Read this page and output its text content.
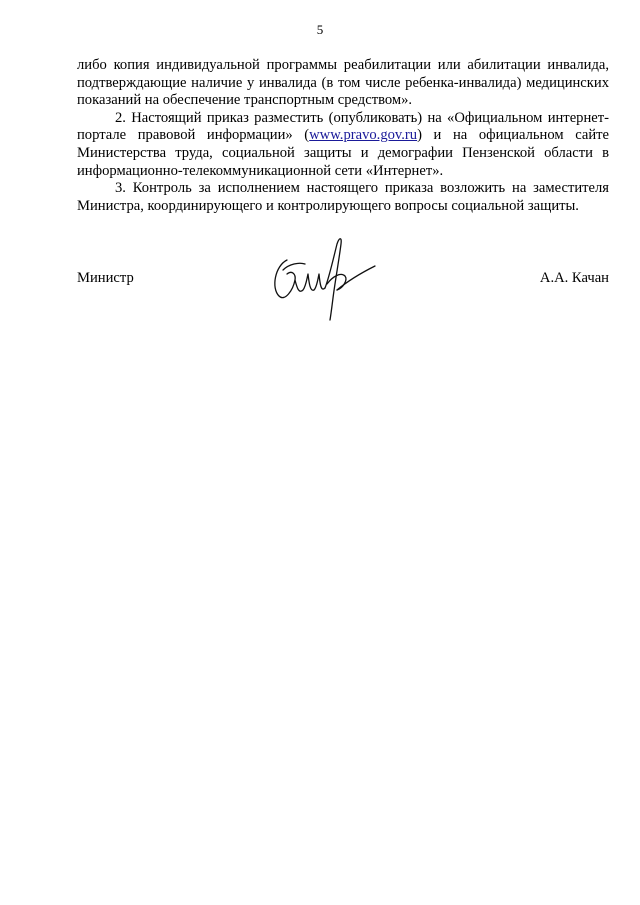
5

либо копия индивидуальной программы реабилитации или абилитации инвалида, подтверждающие наличие у инвалида (в том числе ребенка-инвалида) медицинских показаний на обеспечение транспортным средством».

2. Настоящий приказ разместить (опубликовать) на «Официальном интернет-портале правовой информации» (www.pravo.gov.ru) и на официальном сайте Министерства труда, социальной защиты и демографии Пензенской области в информационно-телекоммуникационной сети «Интернет».

3. Контроль за исполнением настоящего приказа возложить на заместителя Министра, координирующего и контролирующего вопросы социальной защиты.

Министр	А.А. Качан
